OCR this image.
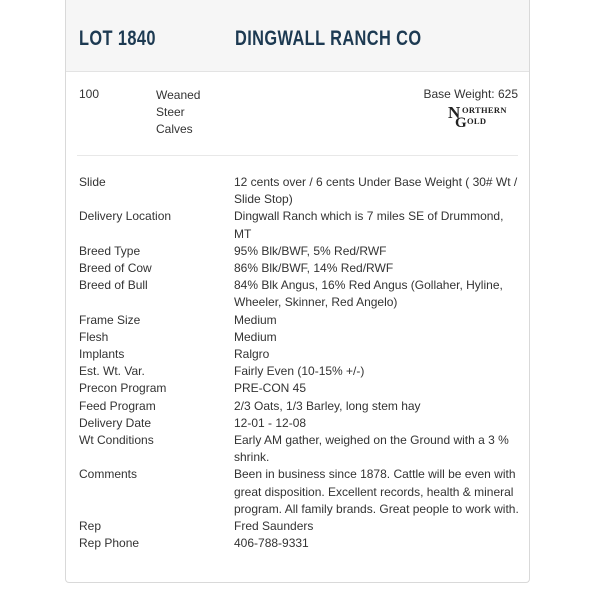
LOT 1840	DINGWALL RANCH CO
100	Weaned
Steer
Calves
Base Weight: 625
N ORTHERN
G OLD
Slide	12 cents over / 6 cents Under Base Weight ( 30# Wt / Slide Stop)
Delivery Location	Dingwall Ranch which is 7 miles SE of Drummond, MT
Breed Type	95% Blk/BWF, 5% Red/RWF
Breed of Cow	86% Blk/BWF, 14% Red/RWF
Breed of Bull	84% Blk Angus, 16% Red Angus (Gollaher, Hyline, Wheeler, Skinner, Red Angelo)
Frame Size	Medium
Flesh	Medium
Implants	Ralgro
Est. Wt. Var.	Fairly Even (10-15% +/-)
Precon Program	PRE-CON 45
Feed Program	2/3 Oats, 1/3 Barley, long stem hay
Delivery Date	12-01 - 12-08
Wt Conditions	Early AM gather, weighed on the Ground with a 3 % shrink.
Comments	Been in business since 1878. Cattle will be even with great disposition. Excellent records, health & mineral program. All family brands. Great people to work with.
Rep	Fred Saunders
Rep Phone	406-788-9331
